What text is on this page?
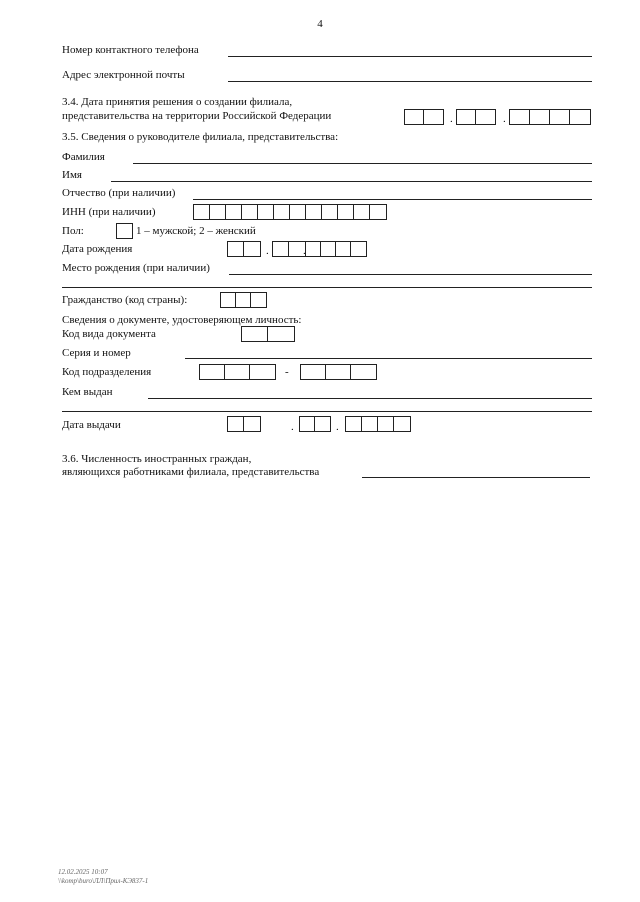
4
Номер контактного телефона
Адрес электронной почты
3.4. Дата принятия решения о создании филиала,
представительства на территории Российской Федерации	.	.
3.5. Сведения о руководителе филиала, представительства:
Фамилия
Имя
Отчество (при наличии)
ИНН (при наличии)
Пол:	1 – мужской; 2 – женский
Дата рождения	.	.
Место рождения (при наличии)
Гражданство (код страны):
Сведения о документе, удостоверяющем личность:
Код вида документа
Серия и номер
Код подразделения	-
Кем выдан
Дата выдачи	.	.
3.6. Численность иностранных граждан,
являющихся работниками филиала, представительства
12.02.2025 10:07
\\komp\buro\ЛЛ\Прил-КЭ837-1
